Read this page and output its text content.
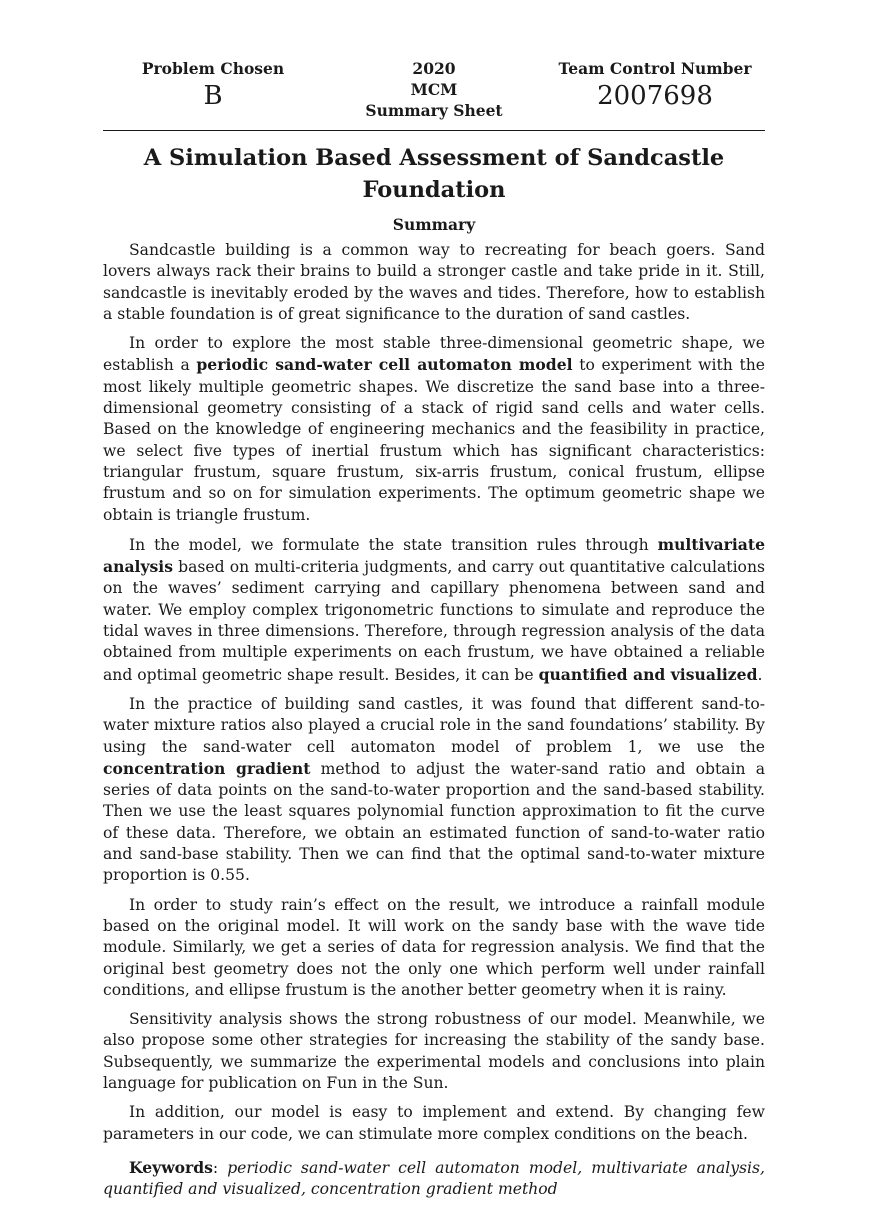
Problem Chosen
B
2020
MCM
Summary Sheet
Team Control Number
2007698
A Simulation Based Assessment of Sandcastle Foundation
Summary

Sandcastle building is a common way to recreating for beach goers. Sand lovers always rack their brains to build a stronger castle and take pride in it. Still, sandcastle is inevitably eroded by the waves and tides. Therefore, how to establish a stable foundation is of great significance to the duration of sand castles.

In order to explore the most stable three-dimensional geometric shape, we establish a periodic sand-water cell automaton model to experiment with the most likely multiple geometric shapes. We discretize the sand base into a three-dimensional geometry consisting of a stack of rigid sand cells and water cells. Based on the knowledge of engineering mechanics and the feasibility in practice, we select five types of inertial frustum which has significant characteristics: triangular frustum, square frustum, six-arris frustum, conical frustum, ellipse frustum and so on for simulation experiments. The optimum geometric shape we obtain is triangle frustum.

In the model, we formulate the state transition rules through multivariate analysis based on multi-criteria judgments, and carry out quantitative calculations on the waves’ sediment carrying and capillary phenomena between sand and water. We employ complex trigonometric functions to simulate and reproduce the tidal waves in three dimensions. Therefore, through regression analysis of the data obtained from multiple experiments on each frustum, we have obtained a reliable and optimal geometric shape result. Besides, it can be quantified and visualized.

In the practice of building sand castles, it was found that different sand-to-water mixture ratios also played a crucial role in the sand foundations’ stability. By using the sand-water cell automaton model of problem 1, we use the concentration gradient method to adjust the water-sand ratio and obtain a series of data points on the sand-to-water proportion and the sand-based stability. Then we use the least squares polynomial function approximation to fit the curve of these data. Therefore, we obtain an estimated function of sand-to-water ratio and sand-base stability. Then we can find that the optimal sand-to-water mixture proportion is 0.55.

In order to study rain’s effect on the result, we introduce a rainfall module based on the original model. It will work on the sandy base with the wave tide module. Similarly, we get a series of data for regression analysis. We find that the original best geometry does not the only one which perform well under rainfall conditions, and ellipse frustum is the another better geometry when it is rainy.

Sensitivity analysis shows the strong robustness of our model. Meanwhile, we also propose some other strategies for increasing the stability of the sandy base. Subsequently, we summarize the experimental models and conclusions into plain language for publication on Fun in the Sun.

In addition, our model is easy to implement and extend. By changing few parameters in our code, we can stimulate more complex conditions on the beach.

Keywords: periodic sand-water cell automaton model, multivariate analysis, quantified and visualized, concentration gradient method
